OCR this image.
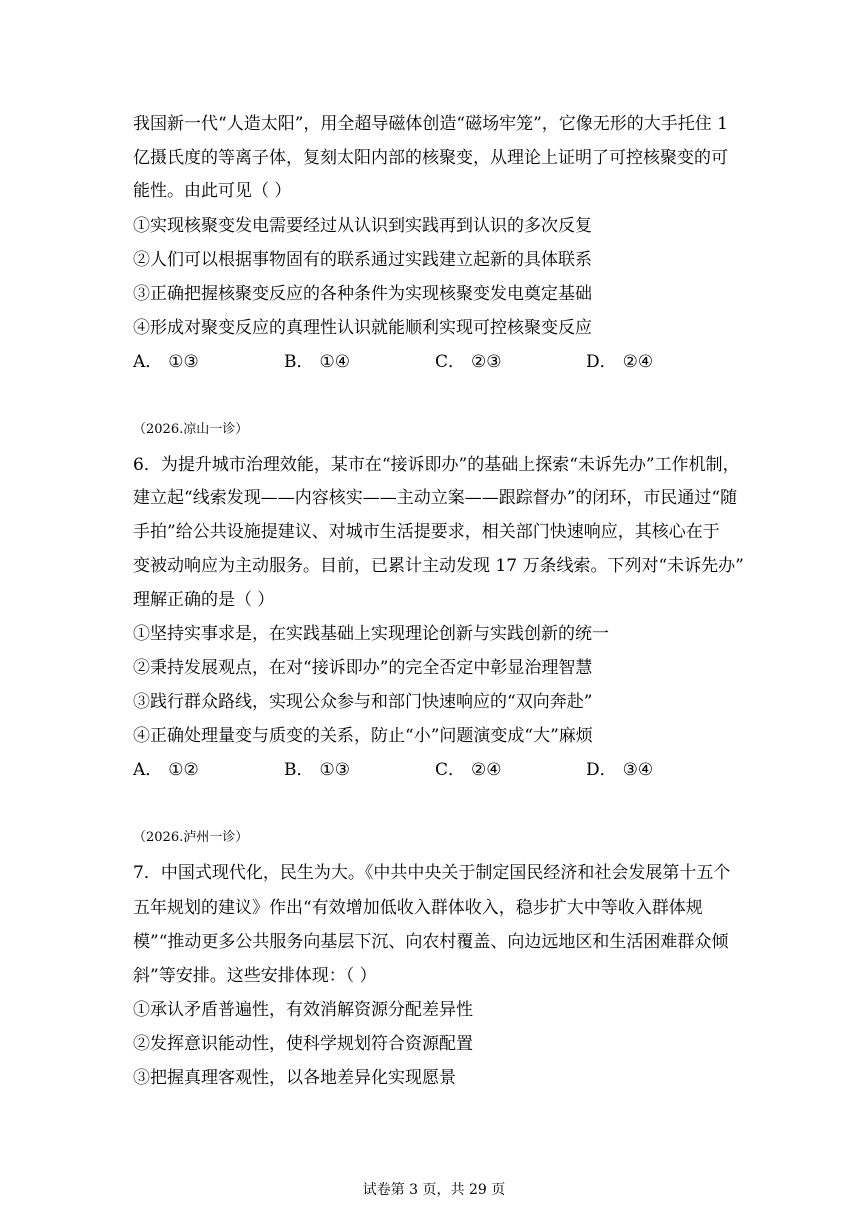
我国新一代“人造太阳”，用全超导磁体创造“磁场牢笼”，它像无形的大手托住 1
亿摄氏度的等离子体，复刻太阳内部的核聚变，从理论上证明了可控核聚变的可
能性。由此可见（ ）
①实现核聚变发电需要经过从认识到实践再到认识的多次反复
②人们可以根据事物固有的联系通过实践建立起新的具体联系
③正确把握核聚变反应的各种条件为实现核聚变发电奠定基础
④形成对聚变反应的真理性认识就能顺利实现可控核聚变反应
A． ①③	B． ①④	C． ②③	D． ②④
（2026.凉山一诊）
6．为提升城市治理效能，某市在“接诉即办”的基础上探索“未诉先办”工作机制，
建立起“线索发现——内容核实——主动立案——跟踪督办”的闭环，市民通过“随
手拍”给公共设施提建议、对城市生活提要求，相关部门快速响应，其核心在于
变被动响应为主动服务。目前，已累计主动发现 17 万条线索。下列对“未诉先办”
理解正确的是（ ）
①坚持实事求是，在实践基础上实现理论创新与实践创新的统一
②秉持发展观点，在对“接诉即办”的完全否定中彰显治理智慧
③践行群众路线，实现公众参与和部门快速响应的“双向奔赴”
④正确处理量变与质变的关系，防止“小”问题演变成“大”麻烦
A． ①②	B． ①③	C． ②④	D． ③④
（2026.泸州一诊）
7．中国式现代化，民生为大。《中共中央关于制定国民经济和社会发展第十五个
五年规划的建议》作出“有效增加低收入群体收入，稳步扩大中等收入群体规
模”“推动更多公共服务向基层下沉、向农村覆盖、向边远地区和生活困难群众倾
斜”等安排。这些安排体现：（ ）
①承认矛盾普遍性，有效消解资源分配差异性
②发挥意识能动性，使科学规划符合资源配置
③把握真理客观性，以各地差异化实现愿景
试卷第 3 页，共 29 页
